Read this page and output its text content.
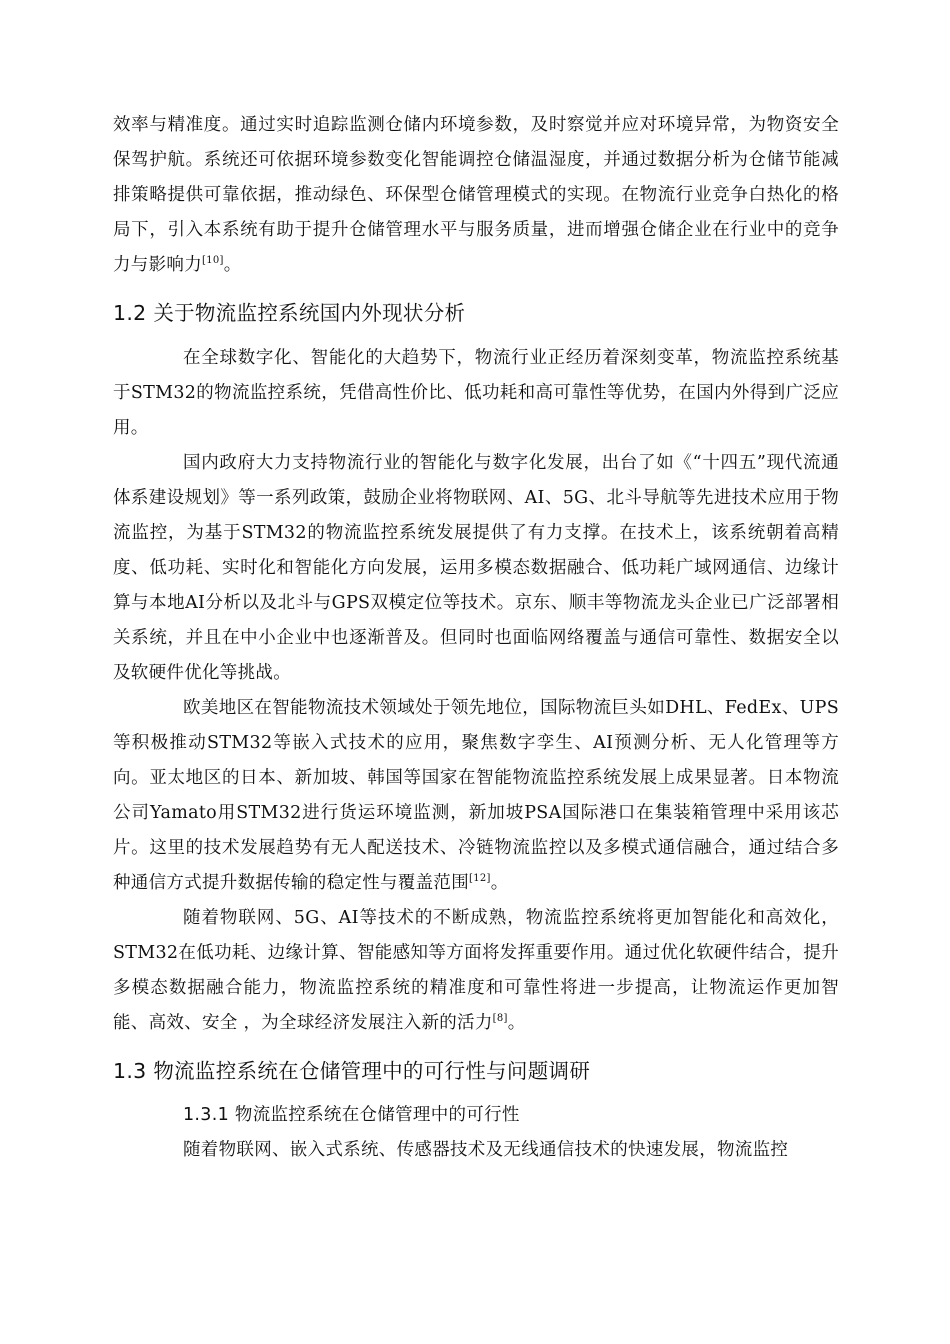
效率与精准度。通过实时追踪监测仓储内环境参数，及时察觉并应对环境异常，为物资安全保驾护航。系统还可依据环境参数变化智能调控仓储温湿度，并通过数据分析为仓储节能减排策略提供可靠依据，推动绿色、环保型仓储管理模式的实现。在物流行业竞争白热化的格局下，引入本系统有助于提升仓储管理水平与服务质量，进而增强仓储企业在行业中的竞争力与影响力[10]。

1.2 关于物流监控系统国内外现状分析

在全球数字化、智能化的大趋势下，物流行业正经历着深刻变革，物流监控系统基于STM32的物流监控系统，凭借高性价比、低功耗和高可靠性等优势，在国内外得到广泛应用。

国内政府大力支持物流行业的智能化与数字化发展，出台了如《“十四五”现代流通体系建设规划》等一系列政策，鼓励企业将物联网、AI、5G、北斗导航等先进技术应用于物流监控，为基于STM32的物流监控系统发展提供了有力支撑。在技术上，该系统朝着高精度、低功耗、实时化和智能化方向发展，运用多模态数据融合、低功耗广域网通信、边缘计算与本地AI分析以及北斗与GPS双模定位等技术。京东、顺丰等物流龙头企业已广泛部署相关系统，并且在中小企业中也逐渐普及。但同时也面临网络覆盖与通信可靠性、数据安全以及软硬件优化等挑战。

欧美地区在智能物流技术领域处于领先地位，国际物流巨头如DHL、FedEx、UPS等积极推动STM32等嵌入式技术的应用，聚焦数字孪生、AI预测分析、无人化管理等方向。亚太地区的日本、新加坡、韩国等国家在智能物流监控系统发展上成果显著。日本物流公司Yamato用STM32进行货运环境监测，新加坡PSA国际港口在集装箱管理中采用该芯片。这里的技术发展趋势有无人配送技术、冷链物流监控以及多模式通信融合，通过结合多种通信方式提升数据传输的稳定性与覆盖范围[12]。

随着物联网、5G、AI等技术的不断成熟，物流监控系统将更加智能化和高效化，STM32在低功耗、边缘计算、智能感知等方面将发挥重要作用。通过优化软硬件结合，提升多模态数据融合能力，物流监控系统的精准度和可靠性将进一步提高，让物流运作更加智能、高效、安全 ，为全球经济发展注入新的活力[8]。

1.3 物流监控系统在仓储管理中的可行性与问题调研
1.3.1 物流监控系统在仓储管理中的可行性

随着物联网、嵌入式系统、传感器技术及无线通信技术的快速发展，物流监控
